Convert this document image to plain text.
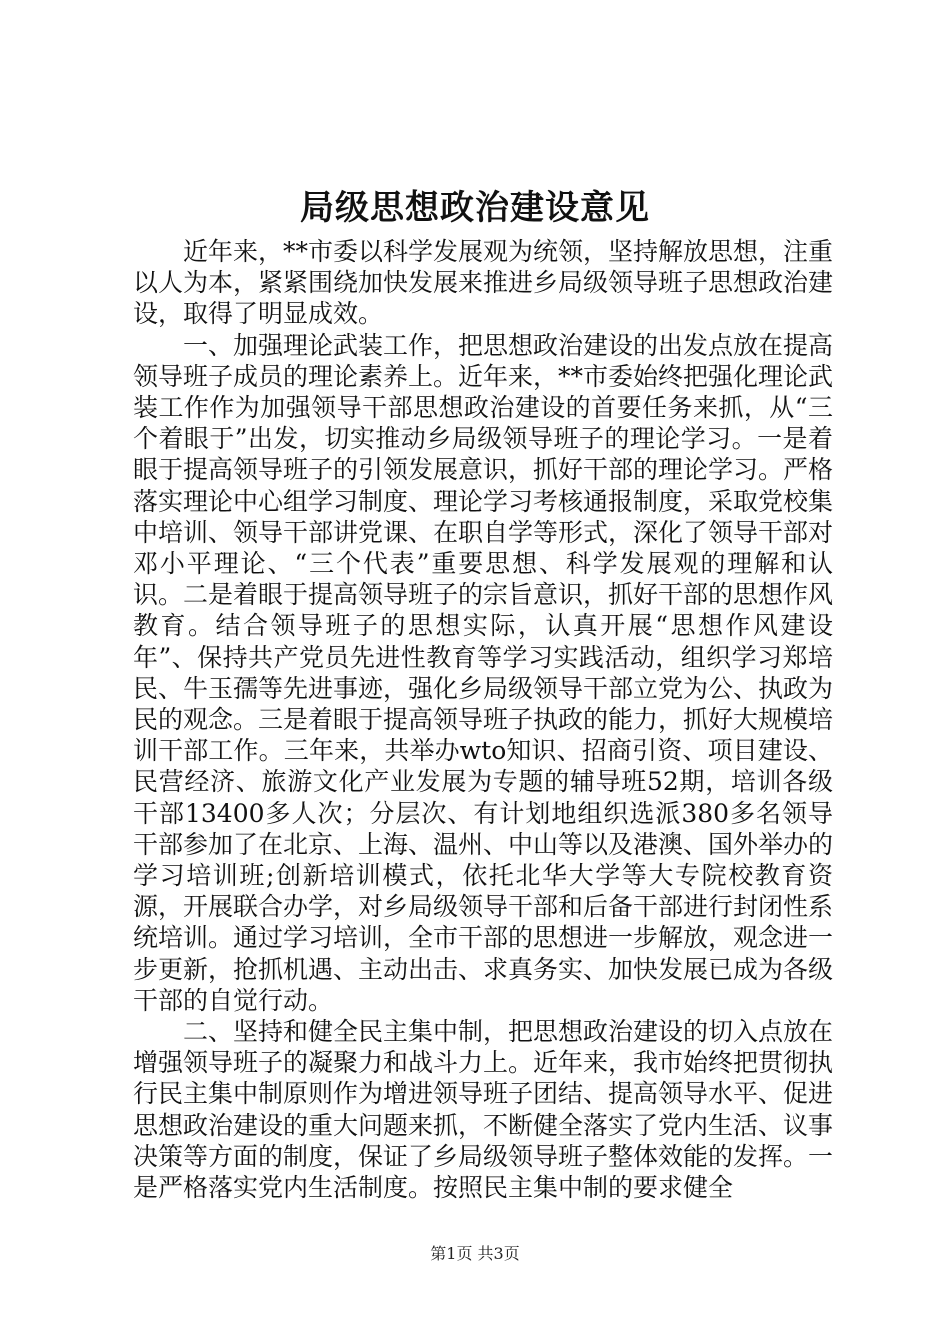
局级思想政治建设意见

近年来，**市委以科学发展观为统领，坚持解放思想，注重以人为本，紧紧围绕加快发展来推进乡局级领导班子思想政治建设，取得了明显成效。

一、加强理论武装工作，把思想政治建设的出发点放在提高领导班子成员的理论素养上。近年来，**市委始终把强化理论武装工作作为加强领导干部思想政治建设的首要任务来抓，从“三个着眼于”出发，切实推动乡局级领导班子的理论学习。一是着眼于提高领导班子的引领发展意识，抓好干部的理论学习。严格落实理论中心组学习制度、理论学习考核通报制度，采取党校集中培训、领导干部讲党课、在职自学等形式，深化了领导干部对邓小平理论、“三个代表”重要思想、科学发展观的理解和认识。二是着眼于提高领导班子的宗旨意识，抓好干部的思想作风教育。结合领导班子的思想实际，认真开展“思想作风建设年”、保持共产党员先进性教育等学习实践活动，组织学习郑培民、牛玉孺等先进事迹，强化乡局级领导干部立党为公、执政为民的观念。三是着眼于提高领导班子执政的能力，抓好大规模培训干部工作。三年来，共举办wto知识、招商引资、项目建设、民营经济、旅游文化产业发展为专题的辅导班52期，培训各级干部13400多人次；分层次、有计划地组织选派380多名领导干部参加了在北京、上海、温州、中山等以及港澳、国外举办的学习培训班;创新培训模式，依托北华大学等大专院校教育资源，开展联合办学，对乡局级领导干部和后备干部进行封闭性系统培训。通过学习培训，全市干部的思想进一步解放，观念进一步更新，抢抓机遇、主动出击、求真务实、加快发展已成为各级干部的自觉行动。

二、坚持和健全民主集中制，把思想政治建设的切入点放在增强领导班子的凝聚力和战斗力上。近年来，我市始终把贯彻执行民主集中制原则作为增进领导班子团结、提高领导水平、促进思想政治建设的重大问题来抓，不断健全落实了党内生活、议事决策等方面的制度，保证了乡局级领导班子整体效能的发挥。一是严格落实党内生活制度。按照民主集中制的要求健全

第1页 共3页
